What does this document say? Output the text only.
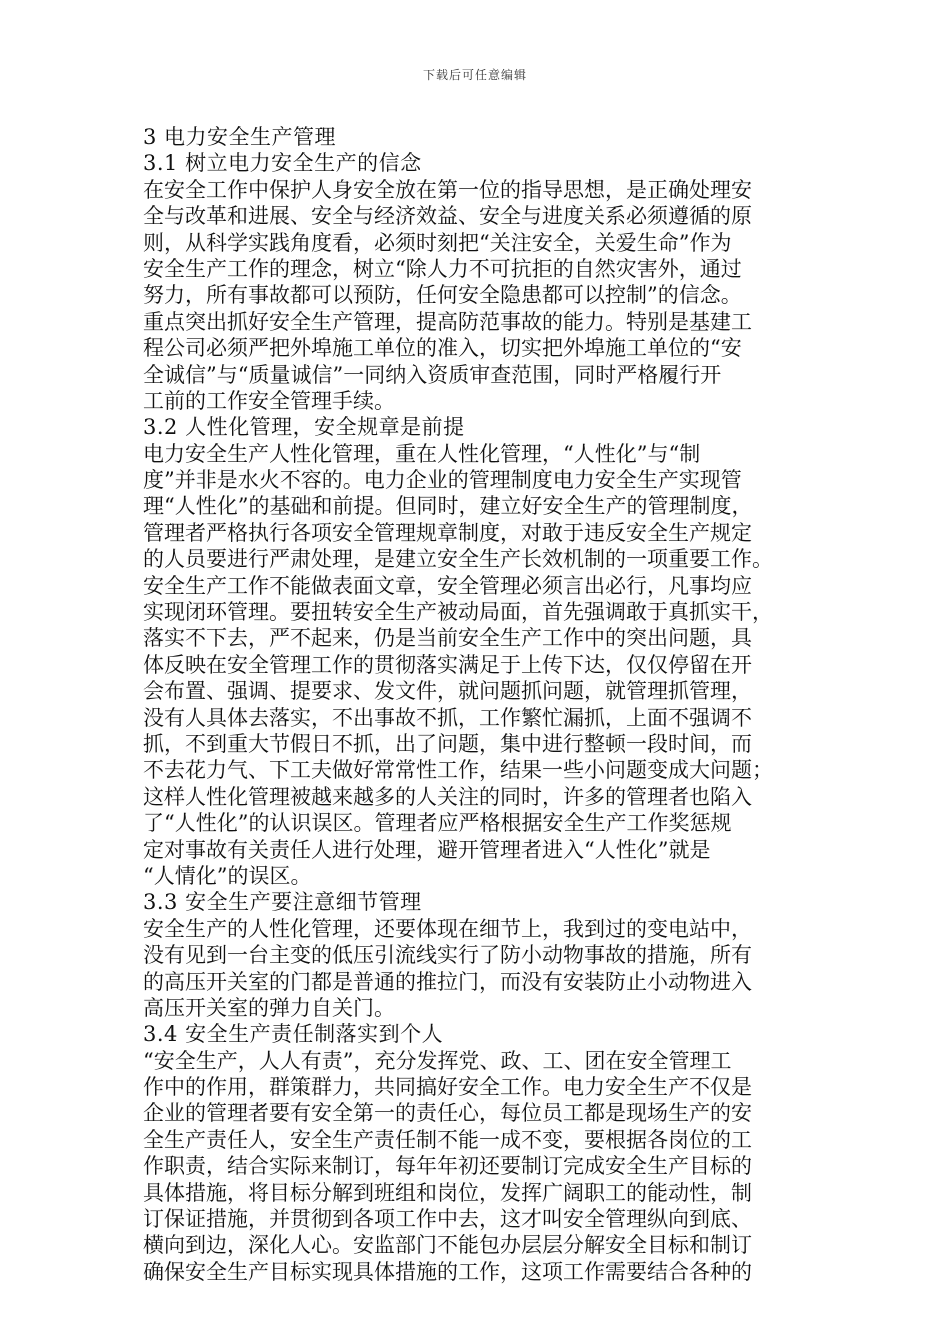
下载后可任意编辑
3 电力安全生产管理
3.1 树立电力安全生产的信念
在安全工作中保护人身安全放在第一位的指导思想，是正确处理安
全与改革和进展、安全与经济效益、安全与进度关系必须遵循的原
则，从科学实践角度看，必须时刻把“关注安全，关爱生命”作为
安全生产工作的理念，树立“除人力不可抗拒的自然灾害外，通过
努力，所有事故都可以预防，任何安全隐患都可以控制”的信念。
重点突出抓好安全生产管理，提高防范事故的能力。特别是基建工
程公司必须严把外埠施工单位的准入，切实把外埠施工单位的“安
全诚信”与“质量诚信”一同纳入资质审查范围，同时严格履行开
工前的工作安全管理手续。
3.2 人性化管理，安全规章是前提
电力安全生产人性化管理，重在人性化管理，“人性化”与“制
度”并非是水火不容的。电力企业的管理制度电力安全生产实现管
理“人性化”的基础和前提。但同时，建立好安全生产的管理制度，
管理者严格执行各项安全管理规章制度，对敢于违反安全生产规定
的人员要进行严肃处理，是建立安全生产长效机制的一项重要工作。
安全生产工作不能做表面文章，安全管理必须言出必行，凡事均应
实现闭环管理。要扭转安全生产被动局面，首先强调敢于真抓实干，
落实不下去，严不起来，仍是当前安全生产工作中的突出问题，具
体反映在安全管理工作的贯彻落实满足于上传下达，仅仅停留在开
会布置、强调、提要求、发文件，就问题抓问题，就管理抓管理，
没有人具体去落实，不出事故不抓，工作繁忙漏抓，上面不强调不
抓，不到重大节假日不抓，出了问题，集中进行整顿一段时间，而
不去花力气、下工夫做好常常性工作，结果一些小问题变成大问题；
这样人性化管理被越来越多的人关注的同时，许多的管理者也陷入
了“人性化”的认识误区。管理者应严格根据安全生产工作奖惩规
定对事故有关责任人进行处理，避开管理者进入“人性化”就是
“人情化”的误区。
3.3 安全生产要注意细节管理
安全生产的人性化管理，还要体现在细节上，我到过的变电站中，
没有见到一台主变的低压引流线实行了防小动物事故的措施，所有
的高压开关室的门都是普通的推拉门，而没有安装防止小动物进入
高压开关室的弹力自关门。
3.4 安全生产责任制落实到个人
“安全生产，人人有责”，充分发挥党、政、工、团在安全管理工
作中的作用，群策群力，共同搞好安全工作。电力安全生产不仅是
企业的管理者要有安全第一的责任心，每位员工都是现场生产的安
全生产责任人，安全生产责任制不能一成不变，要根据各岗位的工
作职责，结合实际来制订，每年年初还要制订完成安全生产目标的
具体措施，将目标分解到班组和岗位，发挥广阔职工的能动性，制
订保证措施，并贯彻到各项工作中去，这才叫安全管理纵向到底、
横向到边，深化人心。安监部门不能包办层层分解安全目标和制订
确保安全生产目标实现具体措施的工作，这项工作需要结合各种的
